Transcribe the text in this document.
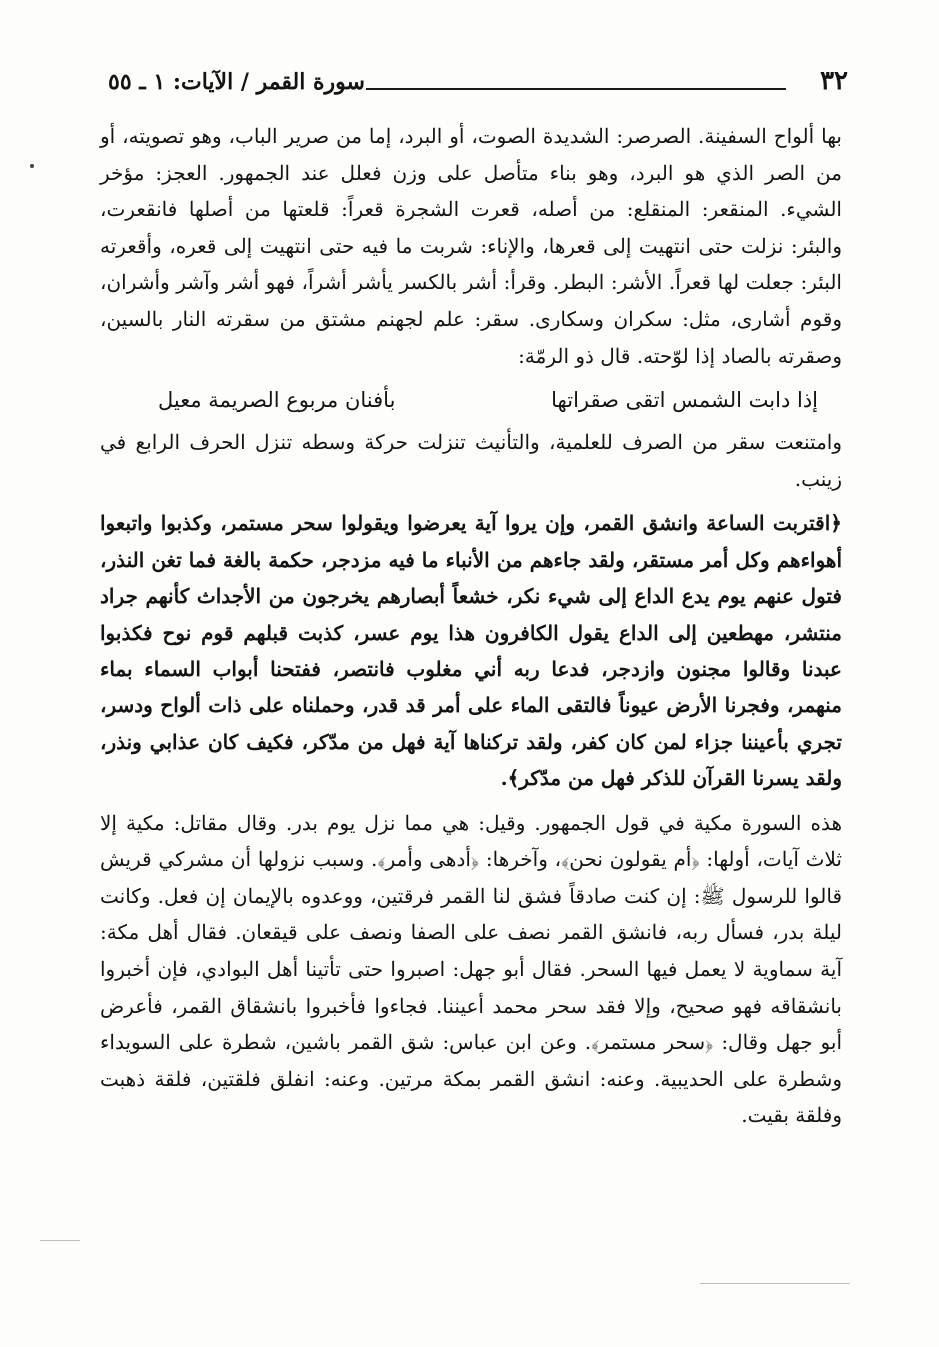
٣٢
سورة القمر / الآيات: ١ ـ ٥٥

بها ألواح السفينة. الصرصر: الشديدة الصوت، أو البرد، إما من صرير الباب، وهو تصويته، أو من الصر الذي هو البرد، وهو بناء متأصل على وزن فعلل عند الجمهور. العجز: مؤخر الشيء. المنقعر: المنقلع: من أصله، قعرت الشجرة قعراً: قلعتها من أصلها فانقعرت، والبئر: نزلت حتى انتهيت إلى قعرها، والإناء: شربت ما فيه حتى انتهيت إلى قعره، وأقعرته البئر: جعلت لها قعراً. الأشر: البطر. وقرأ: أشر بالكسر يأشر أشراً، فهو أشر وآشر وأشران، وقوم أشارى، مثل: سكران وسكارى. سقر: علم لجهنم مشتق من سقرته النار بالسين، وصقرته بالصاد إذا لوّحته. قال ذو الرمّة:

إذا دابت الشمس اتقى صقراتها
بأفنان مربوع الصريمة معيل

وامتنعت سقر من الصرف للعلمية، والتأنيث تنزلت حركة وسطه تنزل الحرف الرابع في زينب.

﴿اقتربت الساعة وانشق القمر، وإن يروا آية يعرضوا ويقولوا سحر مستمر، وكذبوا واتبعوا أهواءهم وكل أمر مستقر، ولقد جاءهم من الأنباء ما فيه مزدجر، حكمة بالغة فما تغن النذر، فتول عنهم يوم يدع الداع إلى شيء نكر، خشعاً أبصارهم يخرجون من الأجداث كأنهم جراد منتشر، مهطعين إلى الداع يقول الكافرون هذا يوم عسر، كذبت قبلهم قوم نوح فكذبوا عبدنا وقالوا مجنون وازدجر، فدعا ربه أني مغلوب فانتصر، ففتحنا أبواب السماء بماء منهمر، وفجرنا الأرض عيوناً فالتقى الماء على أمر قد قدر، وحملناه على ذات ألواح ودسر، تجري بأعيننا جزاء لمن كان كفر، ولقد تركناها آية فهل من مدّكر، فكيف كان عذابي ونذر، ولقد يسرنا القرآن للذكر فهل من مدّكر﴾.

هذه السورة مكية في قول الجمهور. وقيل: هي مما نزل يوم بدر. وقال مقاتل: مكية إلا ثلاث آيات، أولها: ﴿أم يقولون نحن﴾، وآخرها: ﴿أدهى وأمر﴾. وسبب نزولها أن مشركي قريش قالوا للرسول ﷺ: إن كنت صادقاً فشق لنا القمر فرقتين، ووعدوه بالإيمان إن فعل. وكانت ليلة بدر، فسأل ربه، فانشق القمر نصف على الصفا ونصف على قيقعان. فقال أهل مكة: آية سماوية لا يعمل فيها السحر. فقال أبو جهل: اصبروا حتى تأتينا أهل البوادي، فإن أخبروا بانشقاقه فهو صحيح، وإلا فقد سحر محمد أعيننا. فجاءوا فأخبروا بانشقاق القمر، فأعرض أبو جهل وقال: ﴿سحر مستمر﴾. وعن ابن عباس: شق القمر باشين، شطرة على السويداء وشطرة على الحديبية. وعنه: انشق القمر بمكة مرتين. وعنه: انفلق فلقتين، فلقة ذهبت وفلقة بقيت.
